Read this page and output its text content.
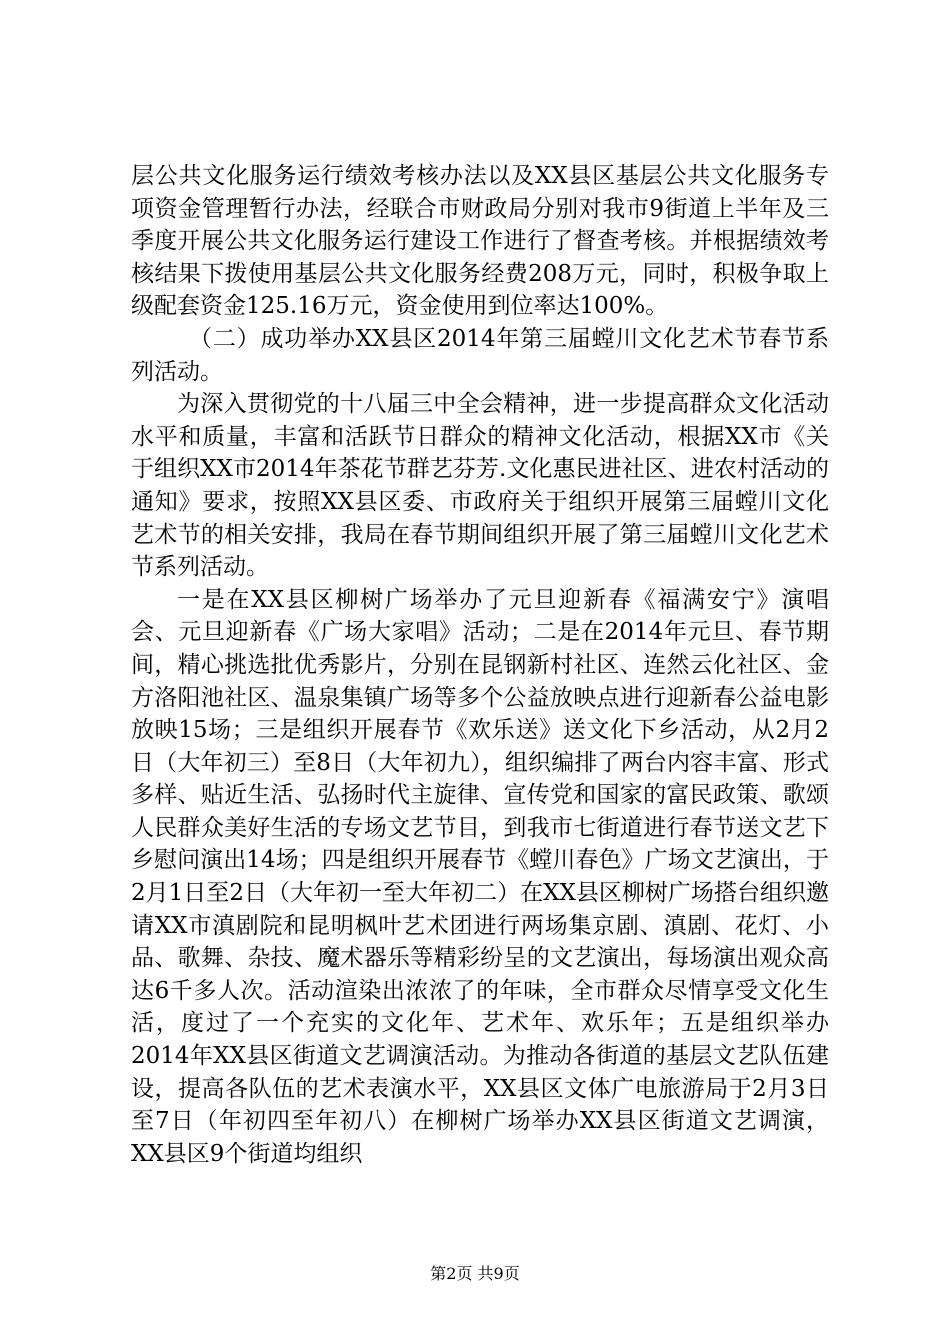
层公共文化服务运行绩效考核办法以及XX县区基层公共文化服务专项资金管理暂行办法，经联合市财政局分别对我市9街道上半年及三季度开展公共文化服务运行建设工作进行了督查考核。并根据绩效考核结果下拨使用基层公共文化服务经费208万元，同时，积极争取上级配套资金125.16万元，资金使用到位率达100%。

（二）成功举办XX县区2014年第三届螳川文化艺术节春节系列活动。

为深入贯彻党的十八届三中全会精神，进一步提高群众文化活动水平和质量，丰富和活跃节日群众的精神文化活动，根据XX市《关于组织XX市2014年茶花节群艺芬芳.文化惠民进社区、进农村活动的通知》要求，按照XX县区委、市政府关于组织开展第三届螳川文化艺术节的相关安排，我局在春节期间组织开展了第三届螳川文化艺术节系列活动。

一是在XX县区柳树广场举办了元旦迎新春《福满安宁》演唱会、元旦迎新春《广场大家唱》活动；二是在2014年元旦、春节期间，精心挑选批优秀影片，分别在昆钢新村社区、连然云化社区、金方洛阳池社区、温泉集镇广场等多个公益放映点进行迎新春公益电影放映15场；三是组织开展春节《欢乐送》送文化下乡活动，从2月2日（大年初三）至8日（大年初九），组织编排了两台内容丰富、形式多样、贴近生活、弘扬时代主旋律、宣传党和国家的富民政策、歌颂人民群众美好生活的专场文艺节目，到我市七街道进行春节送文艺下乡慰问演出14场；四是组织开展春节《螳川春色》广场文艺演出，于2月1日至2日（大年初一至大年初二）在XX县区柳树广场搭台组织邀请XX市滇剧院和昆明枫叶艺术团进行两场集京剧、滇剧、花灯、小品、歌舞、杂技、魔术器乐等精彩纷呈的文艺演出，每场演出观众高达6千多人次。活动渲染出浓浓了的年味，全市群众尽情享受文化生活，度过了一个充实的文化年、艺术年、欢乐年；五是组织举办2014年XX县区街道文艺调演活动。为推动各街道的基层文艺队伍建设，提高各队伍的艺术表演水平，XX县区文体广电旅游局于2月3日至7日（年初四至年初八）在柳树广场举办XX县区街道文艺调演，XX县区9个街道均组织

第2页 共9页
